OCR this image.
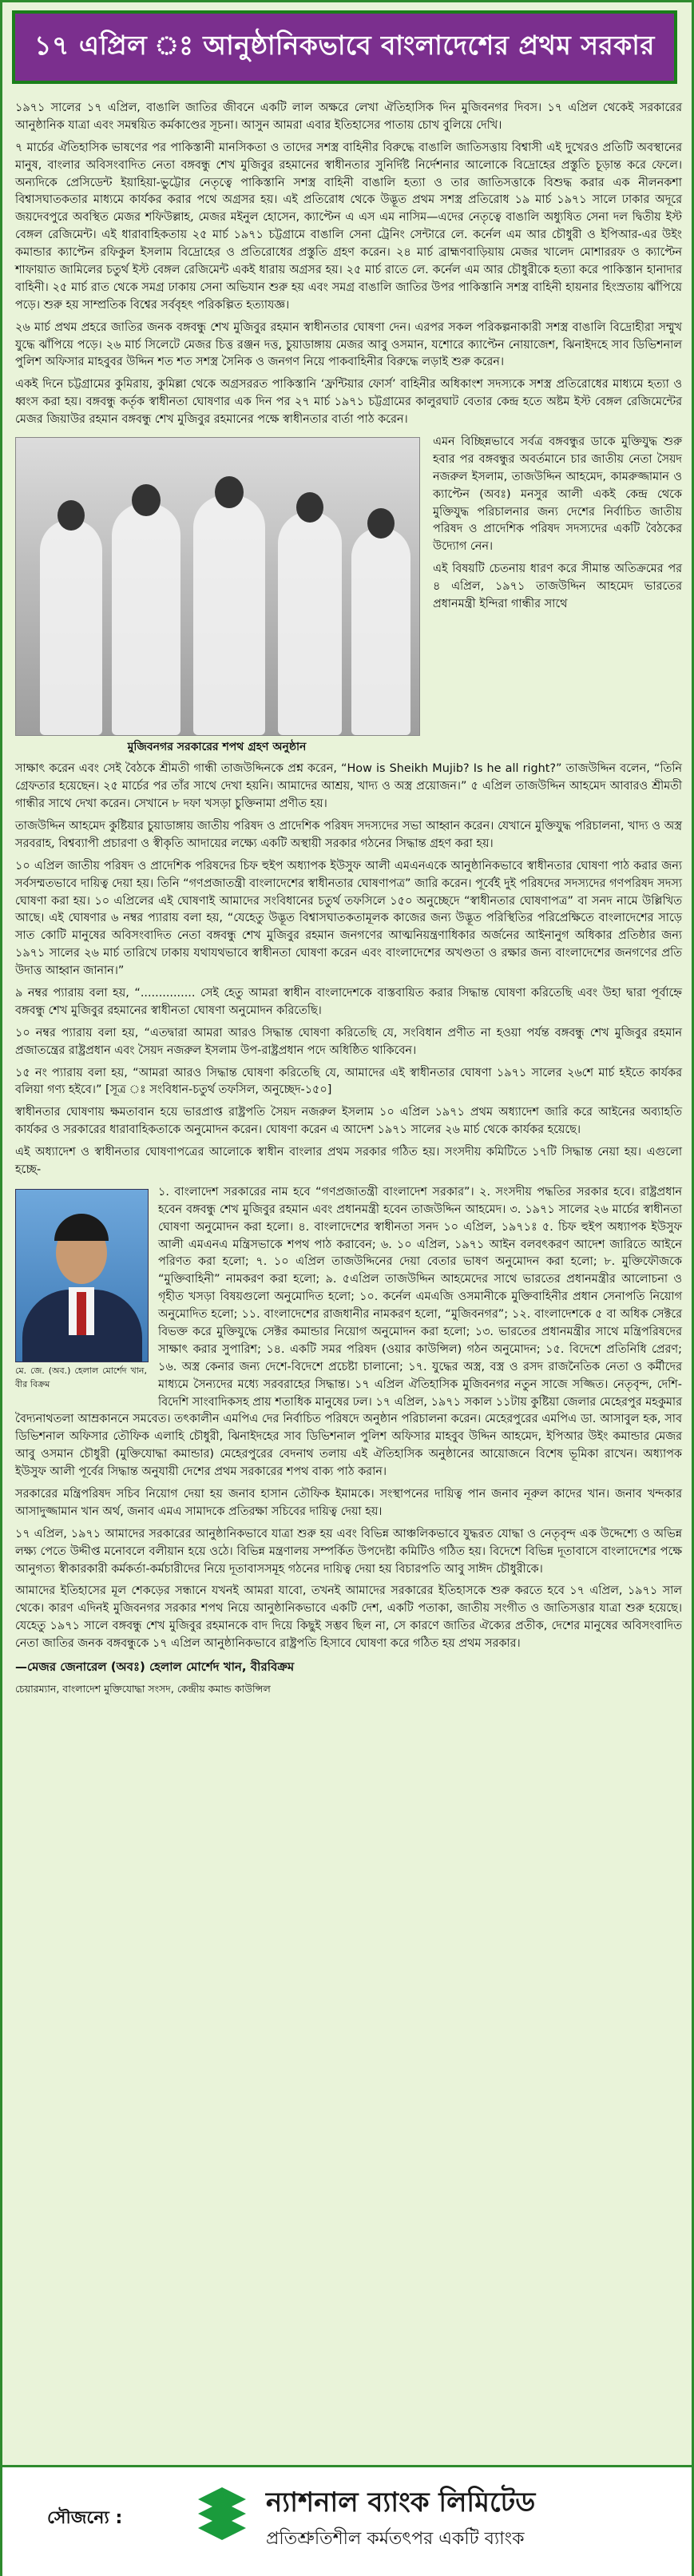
১৭ এপ্রিল ঃ আনুষ্ঠানিকভাবে বাংলাদেশের প্রথম সরকার

১৯৭১ সালের ১৭ এপ্রিল, বাঙালি জাতির জীবনে একটি লাল অক্ষরে লেখা ঐতিহাসিক দিন মুজিবনগর দিবস। ১৭ এপ্রিল থেকেই সরকারের আনুষ্ঠানিক যাত্রা এবং সমন্বয়িত কর্মকাণ্ডের সূচনা। আসুন আমরা এবার ইতিহাসের পাতায় চোখ বুলিয়ে দেখি।

৭ মার্চের ঐতিহাসিক ভাষণের পর পাকিস্তানী মানসিকতা ও তাদের সশস্ত্র বাহিনীর বিরুদ্ধে বাঙালি জাতিসত্তায় বিশ্বাসী এই দুখেরও প্রতিটি অবস্থানের মানুষ, বাংলার অবিসংবাদিত নেতা বঙ্গবন্ধু শেখ মুজিবুর রহমানের স্বাধীনতার সুনির্দিষ্ট নির্দেশনার আলোকে বিদ্রোহের প্রস্তুতি চূড়ান্ত করে ফেলে। অন্যদিকে প্রেসিডেন্ট ইয়াহিয়া-ভুট্টোর নেতৃত্বে পাকিস্তানি সশস্ত্র বাহিনী বাঙালি হত্যা ও তার জাতিসত্তাকে বিশুদ্ধ করার এক নীলনকশা বিশ্বাসঘাতকতার মাধ্যমে কার্যকর করার পথে অগ্রসর হয়। এই প্রতিরোধ থেকে উদ্ভূত প্রথম সশস্ত্র প্রতিরোধ ১৯ মার্চ ১৯৭১ সালে ঢাকার অদূরে জয়দেবপুরে অবস্থিত মেজর শফিউল্লাহ, মেজর মইনুল হোসেন, ক্যাপ্টেন এ এস এম নাসিম—এদের নেতৃত্বে বাঙালি অধ্যুষিত সেনা দল দ্বিতীয় ইস্ট বেঙ্গল রেজিমেন্ট। এই ধারাবাহিকতায় ২৫ মার্চ ১৯৭১ চট্টগ্রামে বাঙালি সেনা ট্রেনিং সেন্টারে লে. কর্নেল এম আর চৌধুরী ও ইপিআর-এর উইং কমান্ডার ক্যাপ্টেন রফিকুল ইসলাম বিদ্রোহের ও প্রতিরোধের প্রস্তুতি গ্রহণ করেন। ২৪ মার্চ ব্রাহ্মণবাড়িয়ায় মেজর খালেদ মোশাররফ ও ক্যাপ্টেন শাফায়াত জামিলের চতুর্থ ইস্ট বেঙ্গল রেজিমেন্ট একই ধারায় অগ্রসর হয়। ২৫ মার্চ রাতে লে. কর্নেল এম আর চৌধুরীকে হত্যা করে পাকিস্তান হানাদার বাহিনী। ২৫ মার্চ রাত থেকে সমগ্র ঢাকায় সেনা অভিযান শুরু হয় এবং সমগ্র বাঙালি জাতির উপর পাকিস্তানি সশস্ত্র বাহিনী হায়নার হিংস্রতায় ঝাঁপিয়ে পড়ে। শুরু হয় সাম্প্রতিক বিশ্বের সর্ববৃহৎ পরিকল্পিত হত্যাযজ্ঞ।

২৬ মার্চ প্রথম প্রহরে জাতির জনক বঙ্গবন্ধু শেখ মুজিবুর রহমান স্বাধীনতার ঘোষণা দেন। এরপর সকল পরিকল্পনাকারী সশস্ত্র বাঙালি বিদ্রোহীরা সম্মুখ যুদ্ধে ঝাঁপিয়ে পড়ে। ২৬ মার্চ সিলেটে মেজর চিত্ত রঞ্জন দত্ত, চুয়াডাঙ্গায় মেজর আবু ওসমান, যশোরে ক্যাপ্টেন নোয়াজেশ, ঝিনাইদহে সাব ডিভিশনাল পুলিশ অফিসার মাহবুবর উদ্দিন শত শত সশস্ত্র সৈনিক ও জনগণ নিয়ে পাকবাহিনীর বিরুদ্ধে লড়াই শুরু করেন।

একই দিনে চট্টগ্রামের কুমিরায়, কুমিল্লা থেকে অগ্রসররত পাকিস্তানি ‘ফ্রন্টিয়ার ফোর্স’ বাহিনীর অধিকাংশ সদস্যকে সশস্ত্র প্রতিরোধের মাধ্যমে হত্যা ও ধ্বংস করা হয়। বঙ্গবন্ধু কর্তৃক স্বাধীনতা ঘোষণার এক দিন পর ২৭ মার্চ ১৯৭১ চট্টগ্রামের কালুরঘাট বেতার কেন্দ্র হতে অষ্টম ইস্ট বেঙ্গল রেজিমেন্টের মেজর জিয়াউর রহমান বঙ্গবন্ধু শেখ মুজিবুর রহমানের পক্ষে স্বাধীনতার বার্তা পাঠ করেন।

মুজিবনগর সরকারের শপথ গ্রহণ অনুষ্ঠান

এমন বিচ্ছিন্নভাবে সর্বত্র বঙ্গবন্ধুর ডাকে মুক্তিযুদ্ধ শুরু হবার পর বঙ্গবন্ধুর অবর্তমানে চার জাতীয় নেতা সৈয়দ নজরুল ইসলাম, তাজউদ্দিন আহমেদ, কামরুজ্জামান ও ক্যাপ্টেন (অবঃ) মনসুর আলী একই কেন্দ্র থেকে মুক্তিযুদ্ধ পরিচালনার জন্য দেশের নির্বাচিত জাতীয় পরিষদ ও প্রাদেশিক পরিষদ সদস্যদের একটি বৈঠকের উদ্যোগ নেন।

এই বিষয়টি চেতনায় ধারণ করে সীমান্ত অতিক্রমের পর ৪ এপ্রিল, ১৯৭১ তাজউদ্দিন আহমেদ ভারতের প্রধানমন্ত্রী ইন্দিরা গান্ধীর সাথে

সাক্ষাৎ করেন এবং সেই বৈঠকে শ্রীমতী গান্ধী তাজউদ্দিনকে প্রশ্ন করেন, “How is Sheikh Mujib? Is he all right?” তাজউদ্দিন বলেন, “তিনি গ্রেফতার হয়েছেন। ২৫ মার্চের পর তাঁর সাথে দেখা হয়নি। আমাদের আশ্রয়, খাদ্য ও অস্ত্র প্রয়োজন।” ৫ এপ্রিল তাজউদ্দিন আহমেদ আবারও শ্রীমতী গান্ধীর সাথে দেখা করেন। সেখানে ৮ দফা খসড়া চুক্তিনামা প্রণীত হয়।

তাজউদ্দিন আহমেদ কুষ্টিয়ার চুয়াডাঙ্গায় জাতীয় পরিষদ ও প্রাদেশিক পরিষদ সদস্যদের সভা আহ্বান করেন। যেখানে মুক্তিযুদ্ধ পরিচালনা, খাদ্য ও অস্ত্র সরবরাহ, বিশ্বব্যাপী প্রচারণা ও স্বীকৃতি আদায়ের লক্ষ্যে একটি অস্থায়ী সরকার গঠনের সিদ্ধান্ত গ্রহণ করা হয়।

১০ এপ্রিল জাতীয় পরিষদ ও প্রাদেশিক পরিষদের চিফ হুইপ অধ্যাপক ইউসুফ আলী এমএনএকে আনুষ্ঠানিকভাবে স্বাধীনতার ঘোষণা পাঠ করার জন্য সর্বসম্মতভাবে দায়িত্ব দেয়া হয়। তিনি “গণপ্রজাতন্ত্রী বাংলাদেশের স্বাধীনতার ঘোষণাপত্র” জারি করেন। পূর্বেই দুই পরিষদের সদস্যদের গণপরিষদ সদস্য ঘোষণা করা হয়। ১০ এপ্রিলের এই ঘোষণাই আমাদের সংবিধানের চতুর্থ তফসিলে ১৫০ অনুচ্ছেদে “স্বাধীনতার ঘোষণাপত্র” বা সনদ নামে উল্লিখিত আছে। এই ঘোষণার ৬ নম্বর প্যারায় বলা হয়, “যেহেতু উদ্ভূত বিশ্বাসঘাতকতামূলক কাজের জন্য উদ্ভূত পরিস্থিতির পরিপ্রেক্ষিতে বাংলাদেশের সাড়ে সাত কোটি মানুষের অবিসংবাদিত নেতা বঙ্গবন্ধু শেখ মুজিবুর রহমান জনগণের আত্মনিয়ন্ত্রণাধিকার অর্জনের আইনানুগ অধিকার প্রতিষ্ঠার জন্য ১৯৭১ সালের ২৬ মার্চ তারিখে ঢাকায় যথাযথভাবে স্বাধীনতা ঘোষণা করেন এবং বাংলাদেশের অখণ্ডতা ও রক্ষার জন্য বাংলাদেশের জনগণের প্রতি উদাত্ত আহ্বান জানান।”

৯ নম্বর প্যারায় বলা হয়, “............... সেই হেতু আমরা স্বাধীন বাংলাদেশকে বাস্তবায়িত করার সিদ্ধান্ত ঘোষণা করিতেছি এবং উহা দ্বারা পূর্বাহ্নে বঙ্গবন্ধু শেখ মুজিবুর রহমানের স্বাধীনতা ঘোষণা অনুমোদন করিতেছি।

১০ নম্বর প্যারায় বলা হয়, “এতদ্বারা আমরা আরও সিদ্ধান্ত ঘোষণা করিতেছি যে, সংবিধান প্রণীত না হওয়া পর্যন্ত বঙ্গবন্ধু শেখ মুজিবুর রহমান প্রজাতন্ত্রের রাষ্ট্রপ্রধান এবং সৈয়দ নজরুল ইসলাম উপ-রাষ্ট্রপ্রধান পদে অধিষ্ঠিত থাকিবেন।

১৫ নং প্যারায় বলা হয়, “আমরা আরও সিদ্ধান্ত ঘোষণা করিতেছি যে, আমাদের এই স্বাধীনতার ঘোষণা ১৯৭১ সালের ২৬শে মার্চ হইতে কার্যকর বলিয়া গণ্য হইবে।” [সূত্র ঃ সংবিধান-চতুর্থ তফসিল, অনুচ্ছেদ-১৫০]

স্বাধীনতার ঘোষণায় ক্ষমতাবান হয়ে ভারপ্রাপ্ত রাষ্ট্রপতি সৈয়দ নজরুল ইসলাম ১০ এপ্রিল ১৯৭১ প্রথম অধ্যাদেশ জারি করে আইনের অব্যাহতি কার্যকর ও সরকারের ধারাবাহিকতাকে অনুমোদন করেন। ঘোষণা করেন এ আদেশ ১৯৭১ সালের ২৬ মার্চ থেকে কার্যকর হয়েছে।

এই অধ্যাদেশ ও স্বাধীনতার ঘোষণাপত্রের আলোকে স্বাধীন বাংলার প্রথম সরকার গঠিত হয়। সংসদীয় কমিটিতে ১৭টি সিদ্ধান্ত নেয়া হয়। এগুলো হচ্ছে-

মে. জে. (অব.) হেলাল মোর্শেদ খান, বীর বিক্রম

১. বাংলাদেশ সরকারের নাম হবে “গণপ্রজাতন্ত্রী বাংলাদেশ সরকার”। ২. সংসদীয় পদ্ধতির সরকার হবে। রাষ্ট্রপ্রধান হবেন বঙ্গবন্ধু শেখ মুজিবুর রহমান এবং প্রধানমন্ত্রী হবেন তাজউদ্দিন আহমেদ। ৩. ১৯৭১ সালের ২৬ মার্চের স্বাধীনতা ঘোষণা অনুমোদন করা হলো। ৪. বাংলাদেশের স্বাধীনতা সনদ ১০ এপ্রিল, ১৯৭১ঃ ৫. চিফ হুইপ অধ্যাপক ইউসুফ আলী এমএনএ মন্ত্রিসভাকে শপথ পাঠ করাবেন; ৬. ১০ এপ্রিল, ১৯৭১ আইন বলবৎকরণ আদেশ জারিতে আইনে পরিণত করা হলো; ৭. ১০ এপ্রিল তাজউদ্দিনের দেয়া বেতার ভাষণ অনুমোদন করা হলো; ৮. মুক্তিফৌজকে “মুক্তিবাহিনী” নামকরণ করা হলো; ৯. ৫এপ্রিল তাজউদ্দিন আহমেদের সাথে ভারতের প্রধানমন্ত্রীর আলোচনা ও গৃহীত খসড়া বিষয়গুলো অনুমোদিত হলো; ১০. কর্নেল এমএজি ওসমানীকে মুক্তিবাহিনীর প্রধান সেনাপতি নিয়োগ অনুমোদিত হলো; ১১. বাংলাদেশের রাজধানীর নামকরণ হলো, “মুজিবনগর”; ১২. বাংলাদেশকে ৫ বা অধিক সেক্টরে বিভক্ত করে মুক্তিযুদ্ধে সেক্টর কমান্ডার নিয়োগ অনুমোদন করা হলো; ১৩. ভারতের প্রধানমন্ত্রীর সাথে মন্ত্রিপরিষদের সাক্ষাৎ করার সুপারিশ; ১৪. একটি সমর পরিষদ (ওয়ার কাউন্সিল) গঠন অনুমোদন; ১৫. বিদেশে প্রতিনিধি প্রেরণ; ১৬. অস্ত্র কেনার জন্য দেশে-বিদেশে প্রচেষ্টা চালানো; ১৭. যুদ্ধের অস্ত্র, বস্ত্র ও রসদ রাজনৈতিক নেতা ও কর্মীদের মাধ্যমে সৈন্যদের মধ্যে সরবরাহের সিদ্ধান্ত। ১৭ এপ্রিল ঐতিহাসিক মুজিবনগর নতুন সাজে সজ্জিত। নেতৃবৃন্দ, দেশি-বিদেশি সাংবাদিকসহ প্রায় শতাধিক মানুষের ঢল। ১৭ এপ্রিল, ১৯৭১ সকাল ১১টায় কুষ্টিয়া জেলার মেহেরপুর মহকুমার বৈদ্যনাথতলা আম্রকাননে সমবেত। তৎকালীন এমপিএ দের নির্বাচিত পরিষদে অনুষ্ঠান পরিচালনা করেন। মেহেরপুরের এমপিএ ডা. আসাবুল হক, সাব ডিভিশনাল অফিসার তৌফিক এলাহি চৌধুরী, ঝিনাইদহের সাব ডিভিশনাল পুলিশ অফিসার মাহবুব উদ্দিন আহমেদ, ইপিআর উইং কমান্ডার মেজর আবু ওসমান চৌধুরী (মুক্তিযোদ্ধা কমান্ডার) মেহেরপুরের বেদনাথ তলায় এই ঐতিহাসিক অনুষ্ঠানের আয়োজনে বিশেষ ভূমিকা রাখেন। অধ্যাপক ইউসুফ আলী পূর্বের সিদ্ধান্ত অনুযায়ী দেশের প্রথম সরকারের শপথ বাক্য পাঠ করান।

সরকারের মন্ত্রিপরিষদ সচিব নিয়োগ দেয়া হয় জনাব হাসান তৌফিক ইমামকে। সংস্থাপনের দায়িত্ব পান জনাব নূরুল কাদের খান। জনাব খন্দকার আসাদুজ্জামান খান অর্থ, জনাব এমএ সামাদকে প্রতিরক্ষা সচিবের দায়িত্ব দেয়া হয়।

১৭ এপ্রিল, ১৯৭১ আমাদের সরকারের আনুষ্ঠানিকভাবে যাত্রা শুরু হয় এবং বিভিন্ন আঞ্চলিকভাবে যুদ্ধরত যোদ্ধা ও নেতৃবৃন্দ এক উদ্দেশ্যে ও অভিন্ন লক্ষ্য পেতে উদ্দীপ্ত মনোবলে বলীয়ান হয়ে ওঠে। বিভিন্ন মন্ত্রণালয় সম্পর্কিত উপদেষ্টা কমিটিও গঠিত হয়। বিদেশে বিভিন্ন দূতাবাসে বাংলাদেশের পক্ষে আনুগত্য স্বীকারকারী কর্মকর্তা-কর্মচারীদের নিয়ে দূতাবাসসমূহ গঠনের দায়িত্ব দেয়া হয় বিচারপতি আবু সাঈদ চৌধুরীকে।

আমাদের ইতিহাসের মূল শেকড়ের সন্ধানে যখনই আমরা যাবো, তখনই আমাদের সরকারের ইতিহাসকে শুরু করতে হবে ১৭ এপ্রিল, ১৯৭১ সাল থেকে। কারণ এদিনই মুজিবনগর সরকার শপথ নিয়ে আনুষ্ঠানিকভাবে একটি দেশ, একটি পতাকা, জাতীয় সংগীত ও জাতিসত্তার যাত্রা শুরু হয়েছে। যেহেতু ১৯৭১ সালে বঙ্গবন্ধু শেখ মুজিবুর রহমানকে বাদ দিয়ে কিছুই সম্ভব ছিল না, সে কারণে জাতির ঐক্যের প্রতীক, দেশের মানুষের অবিসংবাদিত নেতা জাতির জনক বঙ্গবন্ধুকে ১৭ এপ্রিল আনুষ্ঠানিকভাবে রাষ্ট্রপতি হিসাবে ঘোষণা করে গঠিত হয় প্রথম সরকার।

—মেজর জেনারেল (অবঃ) হেলাল মোর্শেদ খান, বীরবিক্রম

চেয়ারম্যান, বাংলাদেশ মুক্তিযোদ্ধা সংসদ, কেন্দ্রীয় কমান্ড কাউন্সিল

সৌজন্যে :	ন্যাশনাল ব্যাংক লিমিটেড
প্রতিশ্রুতিশীল কর্মতৎপর একটি ব্যাংক
